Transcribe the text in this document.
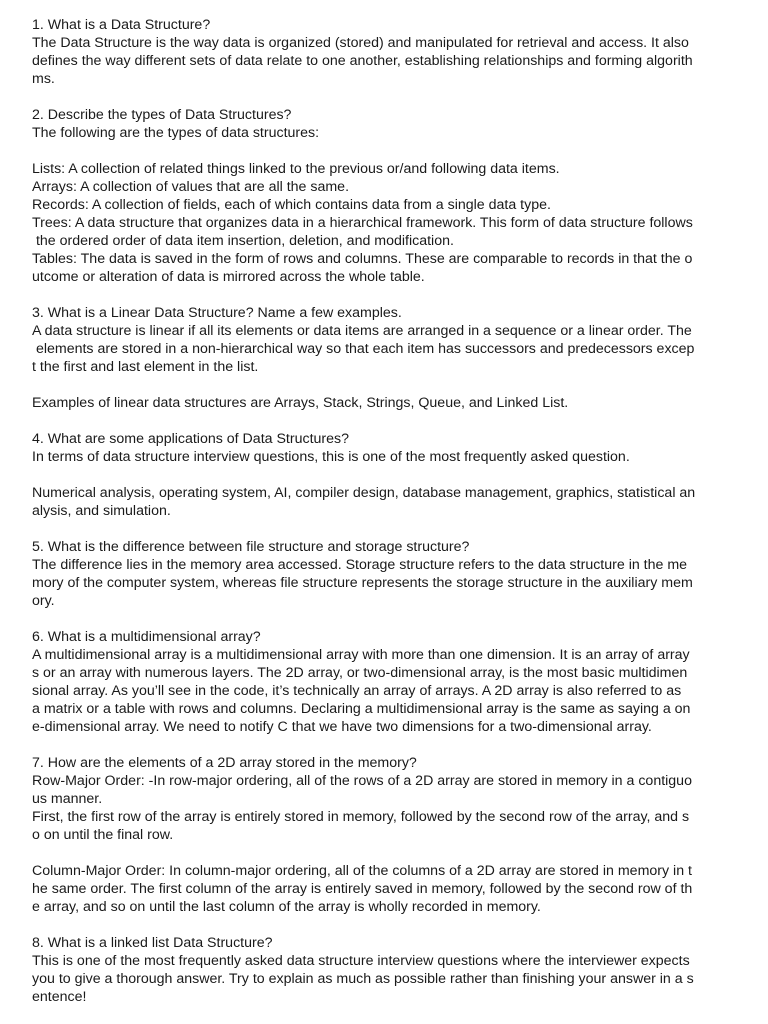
1. What is a Data Structure?
The Data Structure is the way data is organized (stored) and manipulated for retrieval and access. It also
defines the way different sets of data relate to one another, establishing relationships and forming algorith
ms.
2. Describe the types of Data Structures?
The following are the types of data structures:
Lists: A collection of related things linked to the previous or/and following data items.
Arrays: A collection of values that are all the same.
Records: A collection of fields, each of which contains data from a single data type.
Trees: A data structure that organizes data in a hierarchical framework. This form of data structure follows
the ordered order of data item insertion, deletion, and modification.
Tables: The data is saved in the form of rows and columns. These are comparable to records in that the o
utcome or alteration of data is mirrored across the whole table.
3. What is a Linear Data Structure? Name a few examples.
A data structure is linear if all its elements or data items are arranged in a sequence or a linear order. The
elements are stored in a non-hierarchical way so that each item has successors and predecessors excep
t the first and last element in the list.
Examples of linear data structures are Arrays, Stack, Strings, Queue, and Linked List.
4. What are some applications of Data Structures?
In terms of data structure interview questions, this is one of the most frequently asked question.
Numerical analysis, operating system, AI, compiler design, database management, graphics, statistical an
alysis, and simulation.
5. What is the difference between file structure and storage structure?
The difference lies in the memory area accessed. Storage structure refers to the data structure in the me
mory of the computer system, whereas file structure represents the storage structure in the auxiliary mem
ory.
6. What is a multidimensional array?
A multidimensional array is a multidimensional array with more than one dimension. It is an array of array
s or an array with numerous layers. The 2D array, or two-dimensional array, is the most basic multidimen
sional array. As you’ll see in the code, it’s technically an array of arrays. A 2D array is also referred to as
a matrix or a table with rows and columns. Declaring a multidimensional array is the same as saying a on
e-dimensional array. We need to notify C that we have two dimensions for a two-dimensional array.
7. How are the elements of a 2D array stored in the memory?
Row-Major Order: -In row-major ordering, all of the rows of a 2D array are stored in memory in a contiguo
us manner.
First, the first row of the array is entirely stored in memory, followed by the second row of the array, and s
o on until the final row.
Column-Major Order: In column-major ordering, all of the columns of a 2D array are stored in memory in t
he same order. The first column of the array is entirely saved in memory, followed by the second row of th
e array, and so on until the last column of the array is wholly recorded in memory.
8. What is a linked list Data Structure?
This is one of the most frequently asked data structure interview questions where the interviewer expects
you to give a thorough answer. Try to explain as much as possible rather than finishing your answer in a s
entence!
